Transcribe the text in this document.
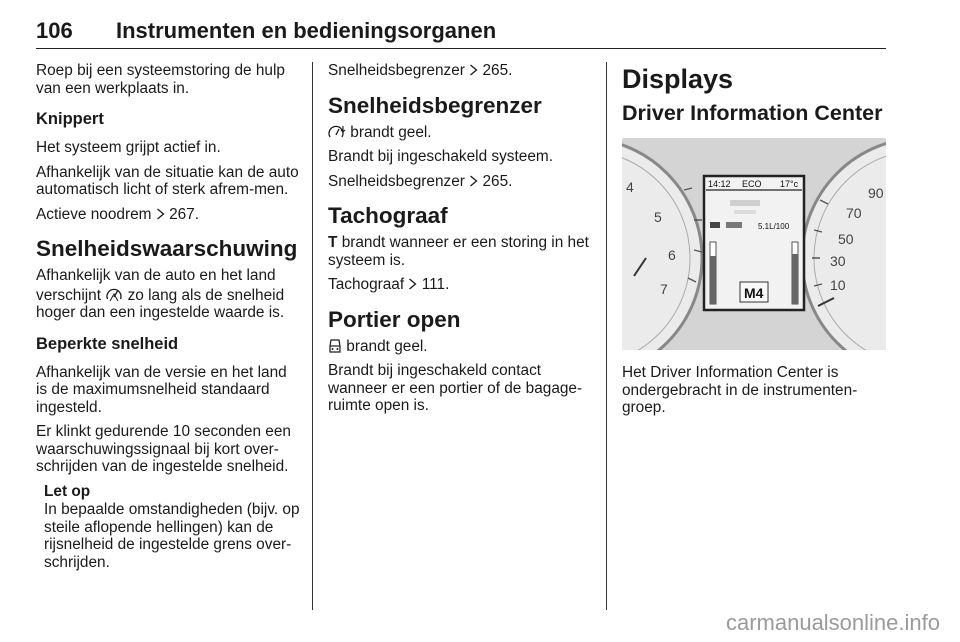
106 Instrumenten en bedieningsorganen

Roep bij een systeemstoring de hulp van een werkplaats in.

Knippert

Het systeem grijpt actief in.

Afhankelijk van de situatie kan de auto automatisch licht of sterk afrem-men.

Actieve noodrem 267.

Snelheidswaarschuwing

Afhankelijk van de auto en het land

verschijnt zo lang als de snelheid hoger dan een ingestelde waarde is.

Beperkte snelheid

Afhankelijk van de versie en het land is de maximumsnelheid standaard ingesteld.

Er klinkt gedurende 10 seconden een waarschuwingssignaal bij kort over-schrijden van de ingestelde snelheid.

Let op

In bepaalde omstandigheden (bijv. op steile aflopende hellingen) kan de rijsnelheid de ingestelde grens over-schrijden.

Snelheidsbegrenzer 265.

Snelheidsbegrenzer

brandt geel.

Brandt bij ingeschakeld systeem.

Snelheidsbegrenzer 265.

Tachograaf

T brandt wanneer er een storing in het systeem is.

Tachograaf 111.

Portier open

brandt geel.

Brandt bij ingeschakeld contact wanneer er een portier of de bagage-ruimte open is.

Displays
Driver Information Center
4
5
6
7
90
70
50
30
10
14:12 ECO 17°c
5.1L/100
M4

Het Driver Information Center is ondergebracht in de instrumenten-groep.

carmanualsonline.info
